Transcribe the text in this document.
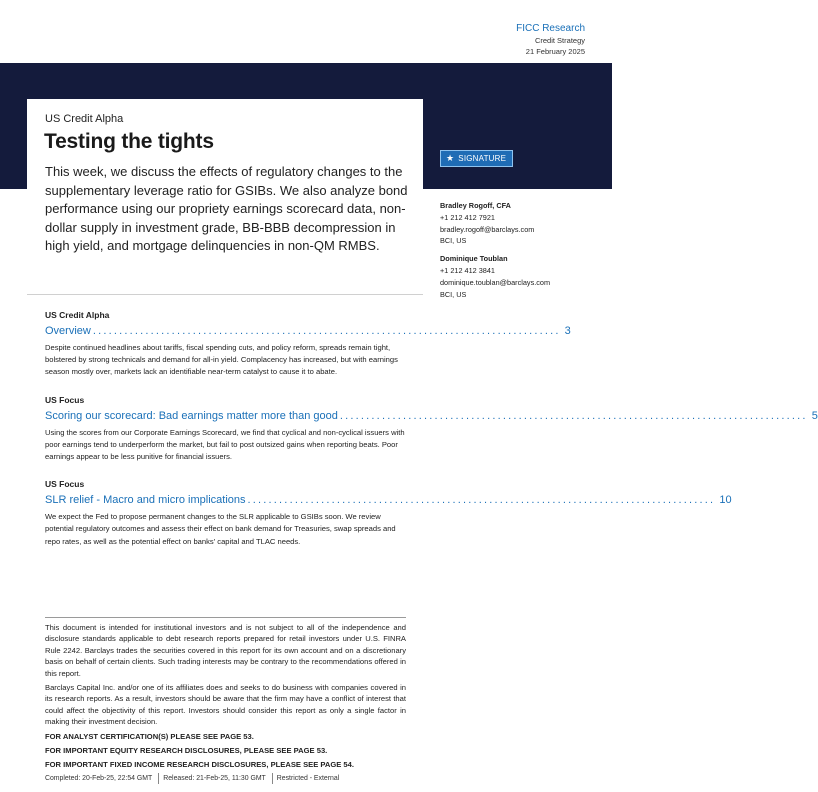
FICC Research
Credit Strategy
21 February 2025
US Credit Alpha
Testing the tights
This week, we discuss the effects of regulatory changes to the supplementary leverage ratio for GSIBs. We also analyze bond performance using our propriety earnings scorecard data, non-dollar supply in investment grade, BB-BBB decompression in high yield, and mortgage delinquencies in non-QM RMBS.
★ SIGNATURE
Bradley Rogoff, CFA
+1 212 412 7921
bradley.rogoff@barclays.com
BCI, US
Dominique Toublan
+1 212 412 3841
dominique.toublan@barclays.com
BCI, US
US Credit Alpha
Overview ......................................................................................... 3
Despite continued headlines about tariffs, fiscal spending cuts, and policy reform, spreads remain tight, bolstered by strong technicals and demand for all-in yield. Complacency has increased, but with earnings season mostly over, markets lack an identifiable near-term catalyst to cause it to abate.
US Focus
Scoring our scorecard: Bad earnings matter more than good ......................................................................................... 5
Using the scores from our Corporate Earnings Scorecard, we find that cyclical and non-cyclical issuers with poor earnings tend to underperform the market, but fail to post outsized gains when reporting beats. Poor earnings appear to be less punitive for financial issuers.
US Focus
SLR relief - Macro and micro implications ......................................................................................... 10
We expect the Fed to propose permanent changes to the SLR applicable to GSIBs soon. We review potential regulatory outcomes and assess their effect on bank demand for Treasuries, swap spreads and repo rates, as well as the potential effect on banks' capital and TLAC needs.

This document is intended for institutional investors and is not subject to all of the independence and disclosure standards applicable to debt research reports prepared for retail investors under U.S. FINRA Rule 2242. Barclays trades the securities covered in this report for its own account and on a discretionary basis on behalf of certain clients. Such trading interests may be contrary to the recommendations offered in this report.

Barclays Capital Inc. and/or one of its affiliates does and seeks to do business with companies covered in its research reports. As a result, investors should be aware that the firm may have a conflict of interest that could affect the objectivity of this report. Investors should consider this report as only a single factor in making their investment decision.

FOR ANALYST CERTIFICATION(S) PLEASE SEE PAGE 53.
FOR IMPORTANT EQUITY RESEARCH DISCLOSURES, PLEASE SEE PAGE 53.
FOR IMPORTANT FIXED INCOME RESEARCH DISCLOSURES, PLEASE SEE PAGE 54.
Completed: 20-Feb-25, 22:54 GMT	Released: 21-Feb-25, 11:30 GMT	Restricted - External
